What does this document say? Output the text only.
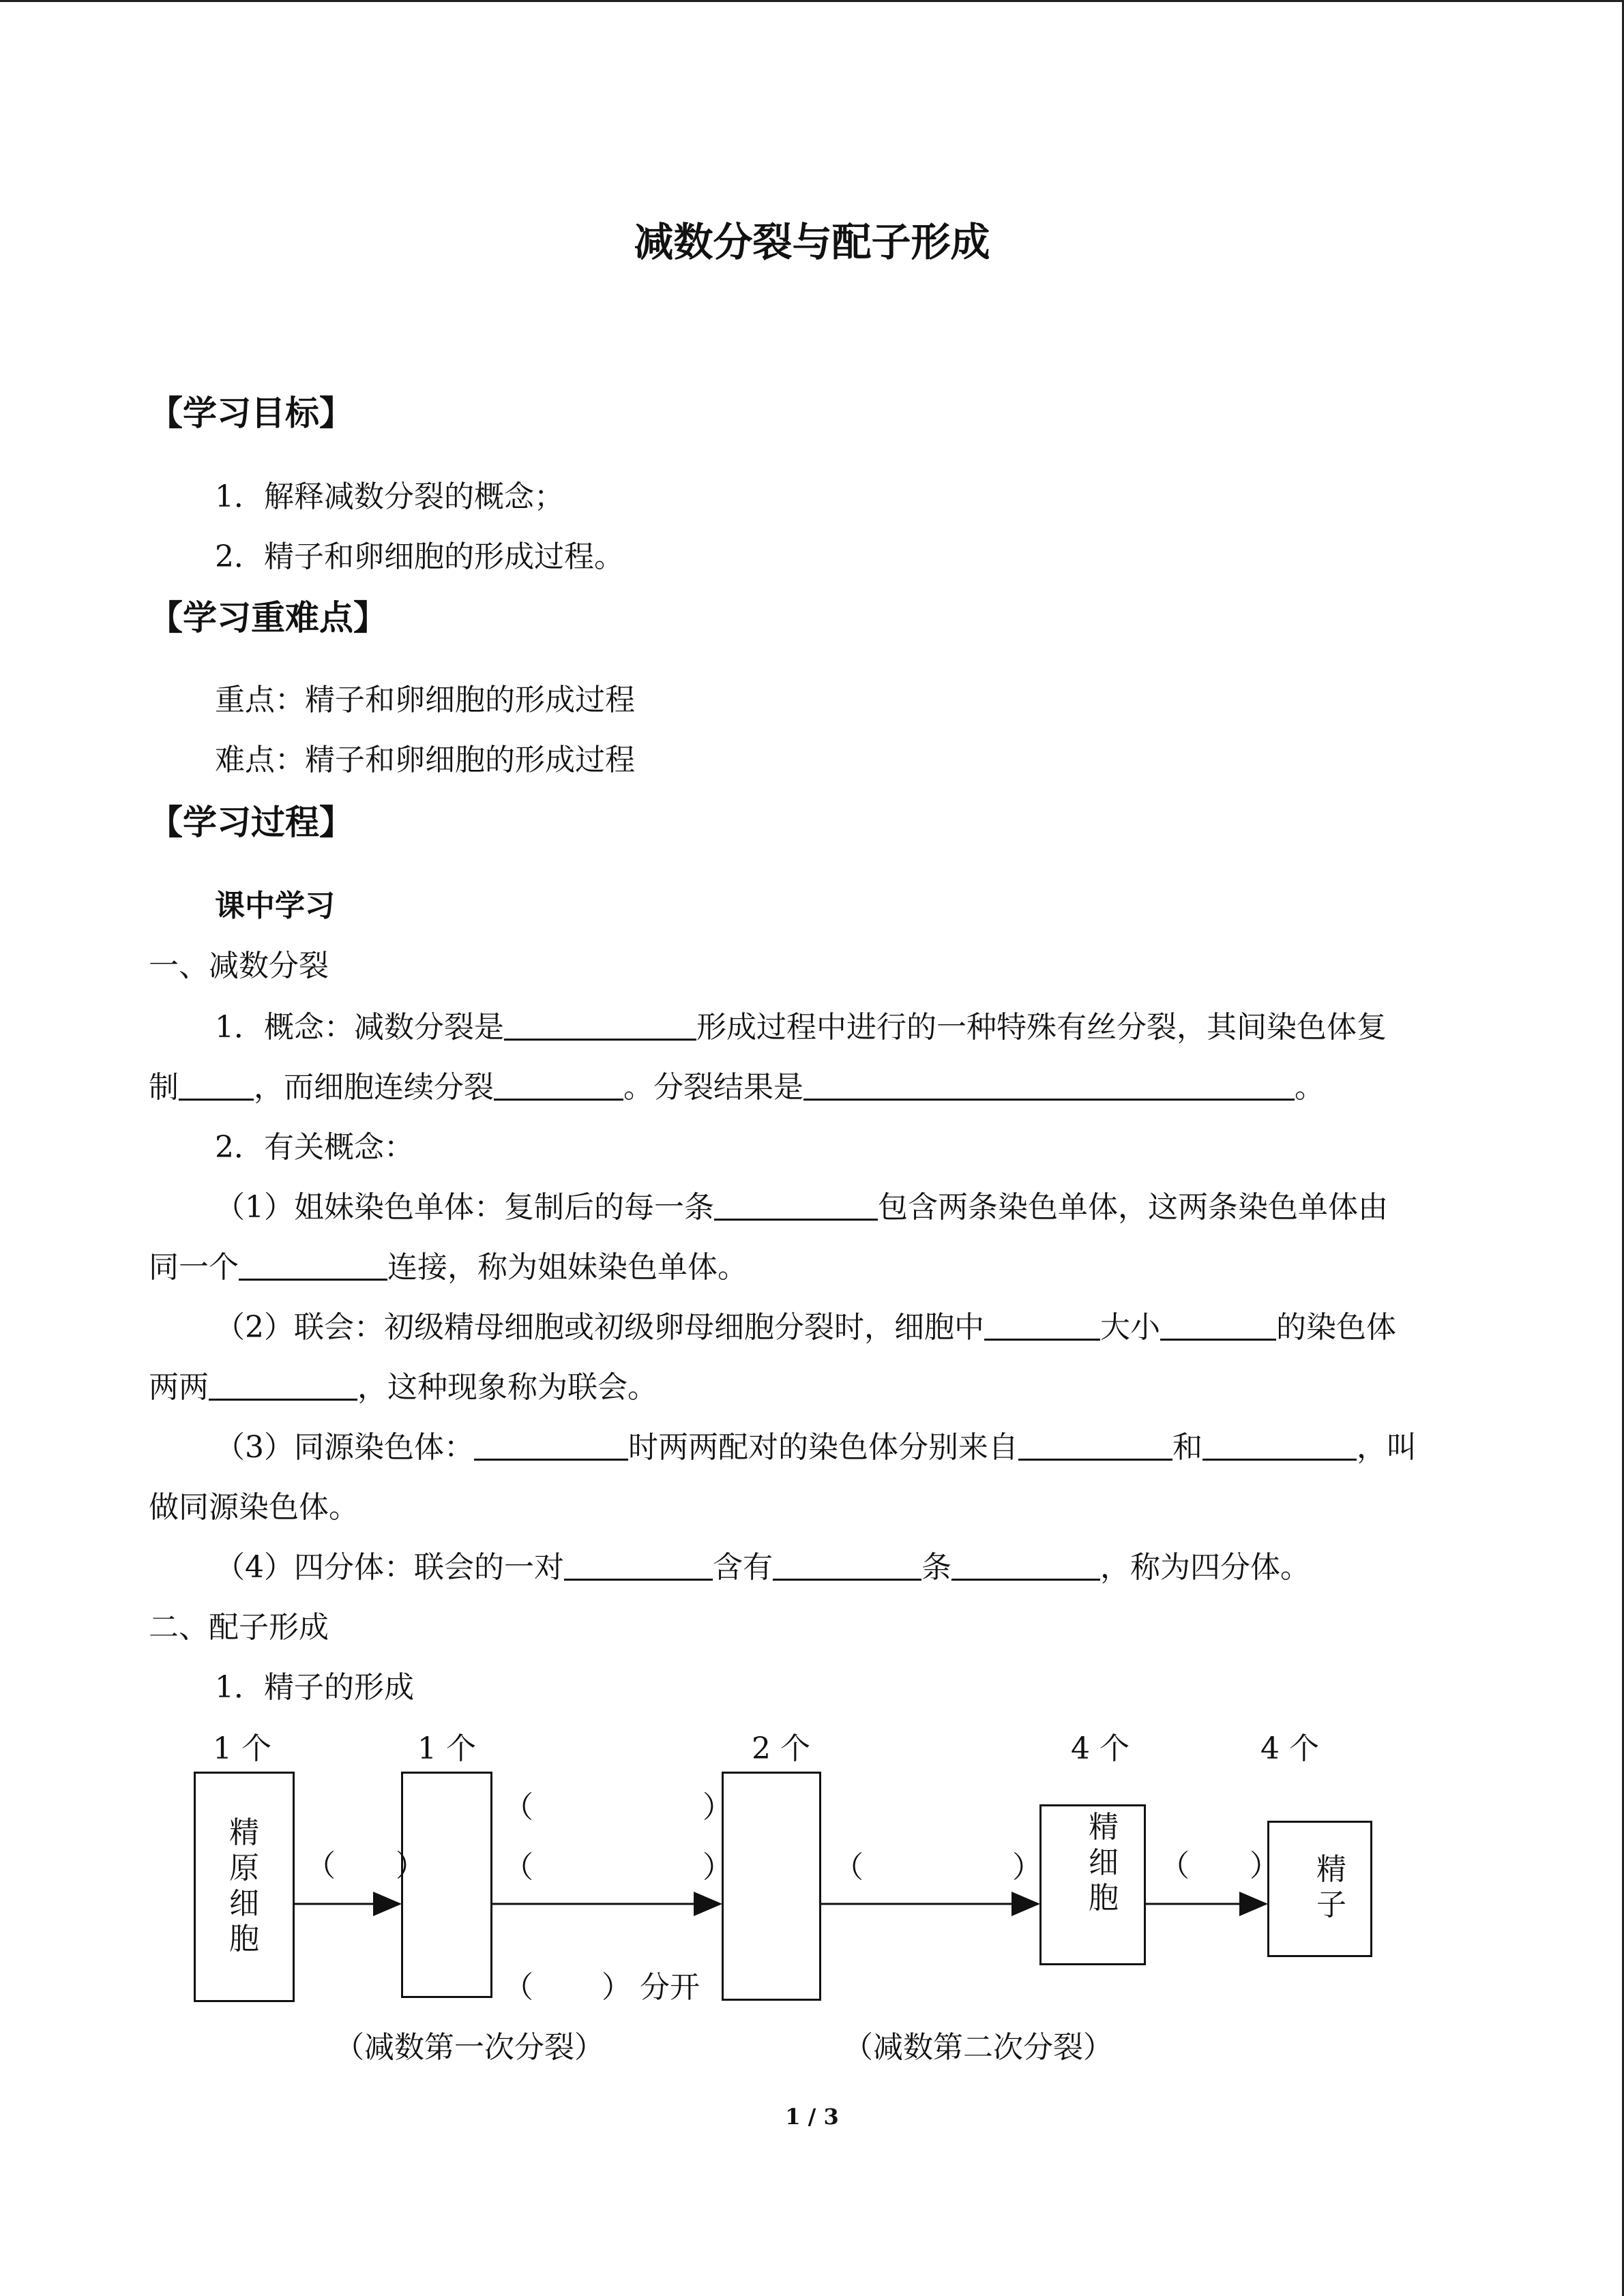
减数分裂与配子形成
【学习目标】
1．解释减数分裂的概念；
2．精子和卵细胞的形成过程。
【学习重难点】
重点：精子和卵细胞的形成过程
难点：精子和卵细胞的形成过程
【学习过程】
课中学习
一、减数分裂
1．概念：减数分裂是	形成过程中进行的一种特殊有丝分裂，其间染色体复
制	，而细胞连续分裂	。分裂结果是	。
2．有关概念：
（1）姐妹染色单体：复制后的每一条	包含两条染色单体，这两条染色单体由
同一个	连接，称为姐妹染色单体。
（2）联会：初级精母细胞或初级卵母细胞分裂时，细胞中	大小	的染色体
两两	，这种现象称为联会。
（3）同源染色体：	时两两配对的染色体分别来自	和	，叫
做同源染色体。
（4）四分体：联会的一对	含有	条	，称为四分体。
二、配子形成
1．精子的形成
1 个	1 个	2 个	4 个	4 个
精原细胞
精细胞
精子
（　　）
（	）
（	）
（ ） 分开
（	）	（　　）
（减数第一次分裂）	（减数第二次分裂）
1 / 3
